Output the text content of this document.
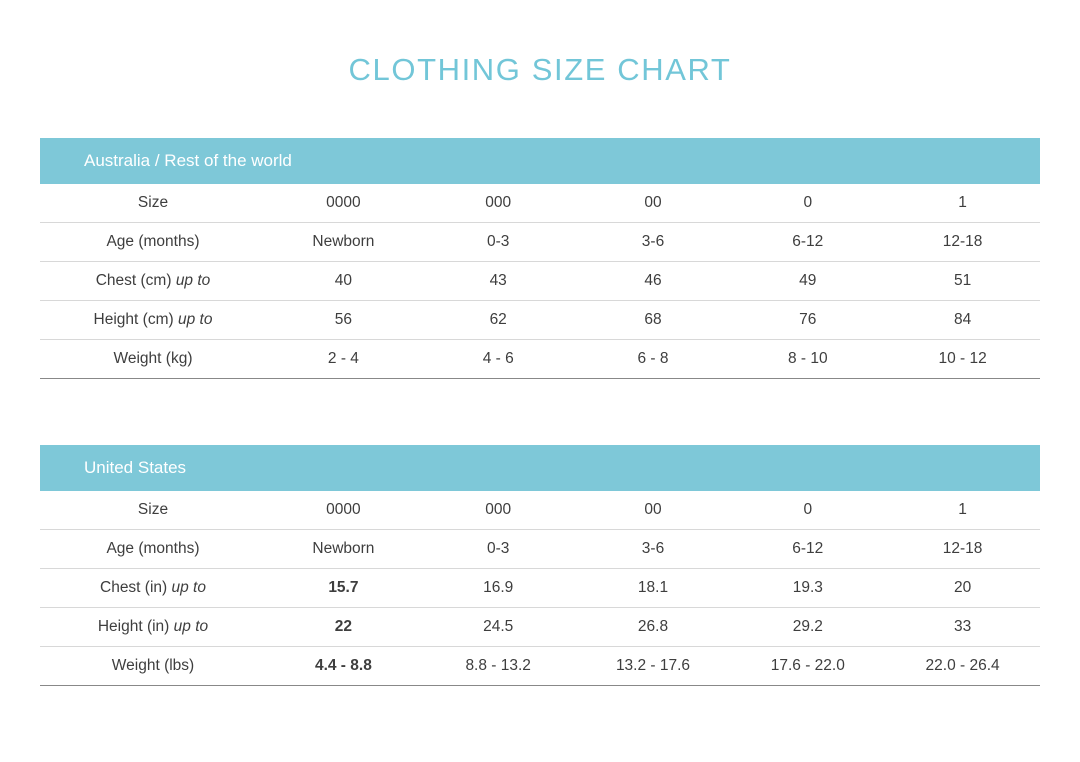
CLOTHING SIZE CHART
Australia / Rest of the world
Size	0000	000	00	0	1
Age (months)	Newborn	0-3	3-6	6-12	12-18
Chest (cm) up to	40	43	46	49	51
Height (cm) up to	56	62	68	76	84
Weight (kg)	2 - 4	4 - 6	6 - 8	8 - 10	10 - 12
United States
Size	0000	000	00	0	1
Age (months)	Newborn	0-3	3-6	6-12	12-18
Chest (in) up to	15.7	16.9	18.1	19.3	20
Height (in) up to	22	24.5	26.8	29.2	33
Weight (lbs)	4.4 - 8.8	8.8 - 13.2	13.2 - 17.6	17.6 - 22.0	22.0 - 26.4
